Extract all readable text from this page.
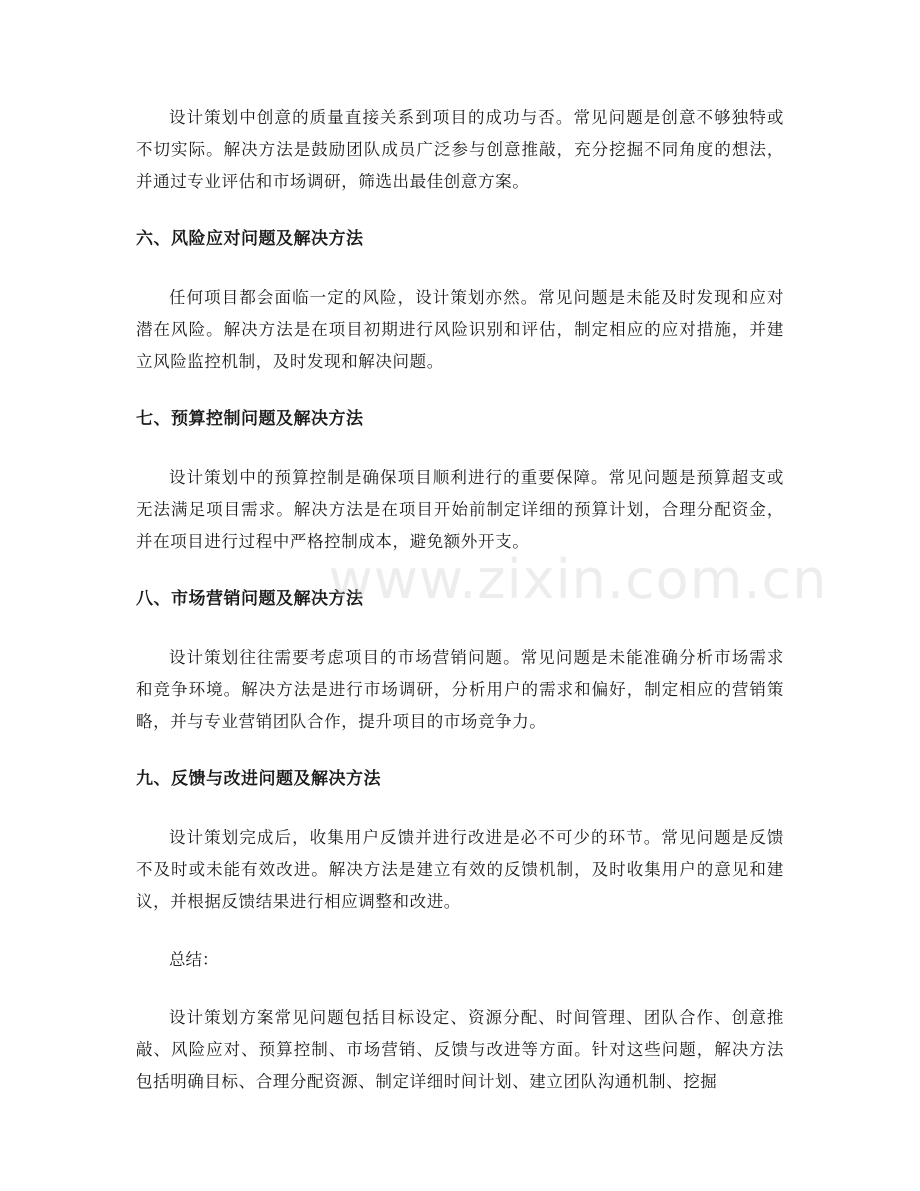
设计策划中创意的质量直接关系到项目的成功与否。常见问题是创意不够独特或不切实际。解决方法是鼓励团队成员广泛参与创意推敲，充分挖掘不同角度的想法，并通过专业评估和市场调研，筛选出最佳创意方案。

六、风险应对问题及解决方法

任何项目都会面临一定的风险，设计策划亦然。常见问题是未能及时发现和应对潜在风险。解决方法是在项目初期进行风险识别和评估，制定相应的应对措施，并建立风险监控机制，及时发现和解决问题。

七、预算控制问题及解决方法

设计策划中的预算控制是确保项目顺利进行的重要保障。常见问题是预算超支或无法满足项目需求。解决方法是在项目开始前制定详细的预算计划，合理分配资金，并在项目进行过程中严格控制成本，避免额外开支。

八、市场营销问题及解决方法

设计策划往往需要考虑项目的市场营销问题。常见问题是未能准确分析市场需求和竞争环境。解决方法是进行市场调研，分析用户的需求和偏好，制定相应的营销策略，并与专业营销团队合作，提升项目的市场竞争力。

九、反馈与改进问题及解决方法

设计策划完成后，收集用户反馈并进行改进是必不可少的环节。常见问题是反馈不及时或未能有效改进。解决方法是建立有效的反馈机制，及时收集用户的意见和建议，并根据反馈结果进行相应调整和改进。

总结：

设计策划方案常见问题包括目标设定、资源分配、时间管理、团队合作、创意推敲、风险应对、预算控制、市场营销、反馈与改进等方面。针对这些问题，解决方法包括明确目标、合理分配资源、制定详细时间计划、建立团队沟通机制、挖掘

www.zixin.com.cn
